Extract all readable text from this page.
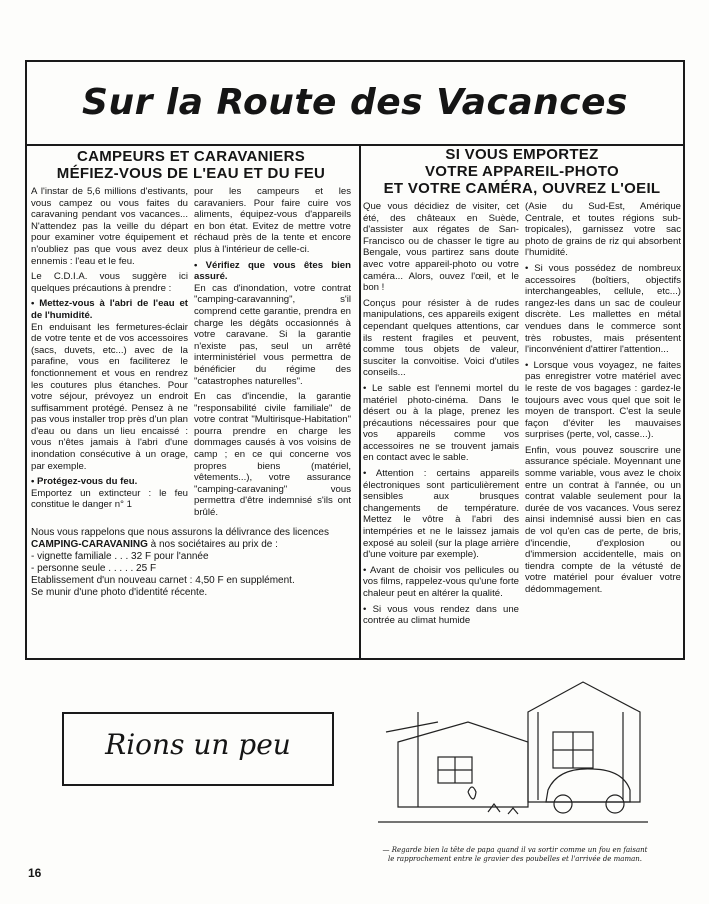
Sur la Route des Vacances
CAMPEURS ET CARAVANIERS
MÉFIEZ-VOUS DE L'EAU ET DU FEU

A l'instar de 5,6 millions d'estivants, vous campez ou vous faites du caravaning pendant vos vacances... N'attendez pas la veille du départ pour examiner votre équipement et n'oubliez pas que vous avez deux ennemis : l'eau et le feu.

Le C.D.I.A. vous suggère ici quelques précautions à prendre :

• Mettez-vous à l'abri de l'eau et de l'humidité.

En enduisant les fermetures-éclair de votre tente et de vos accessoires (sacs, duvets, etc...) avec de la parafine, vous en faciliterez le fonctionnement et vous en rendrez les coutures plus étanches. Pour votre séjour, prévoyez un endroit suffisamment protégé. Pensez à ne pas vous installer trop près d'un plan d'eau ou dans un lieu encaissé : vous n'êtes jamais à l'abri d'une inondation consécutive à un orage, par exemple.

• Protégez-vous du feu.

Emportez un extincteur : le feu constitue le danger n° 1

pour les campeurs et les caravaniers. Pour faire cuire vos aliments, équipez-vous d'appareils en bon état. Evitez de mettre votre réchaud près de la tente et encore plus à l'intérieur de celle-ci.

• Vérifiez que vous êtes bien assuré.

En cas d'inondation, votre contrat "camping-caravanning", s'il comprend cette garantie, prendra en charge les dégâts occasionnés à votre caravane. Si la garantie n'existe pas, seul un arrêté interministériel vous permettra de bénéficier du régime des "catastrophes naturelles".

En cas d'incendie, la garantie "responsabilité civile familiale" de votre contrat "Multirisque-Habitation" pourra prendre en charge les dommages causés à vos voisins de camp ; en ce qui concerne vos propres biens (matériel, vêtements...), votre assurance "camping-caravaning" vous permettra d'être indemnisé s'ils ont brûlé.

Nous vous rappelons que nous assurons la délivrance des licences CAMPING-CARAVANING à nos sociétaires au prix de :

- vignette familiale . . . 32 F pour l'année

- personne seule . . . . . 25 F

Etablissement d'un nouveau carnet : 4,50 F en supplément.

Se munir d'une photo d'identité récente.

SI VOUS EMPORTEZ
VOTRE APPAREIL-PHOTO
ET VOTRE CAMÉRA, OUVREZ L'OEIL

Que vous décidiez de visiter, cet été, des châteaux en Suède, d'assister aux régates de San-Francisco ou de chasser le tigre au Bengale, vous partirez sans doute avec votre appareil-photo ou votre caméra... Alors, ouvez l'œil, et le bon !

Conçus pour résister à de rudes manipulations, ces appareils exigent cependant quelques attentions, car ils restent fragiles et peuvent, comme tous objets de valeur, susciter la convoitise. Voici d'utiles conseils...

• Le sable est l'ennemi mortel du matériel photo-cinéma. Dans le désert ou à la plage, prenez les précautions nécessaires pour que vos appareils comme vos accessoires ne se trouvent jamais en contact avec le sable.

• Attention : certains appareils électroniques sont particulièrement sensibles aux brusques changements de température. Mettez le vôtre à l'abri des intempéries et ne le laissez jamais exposé au soleil (sur la plage arrière d'une voiture par exemple).

• Avant de choisir vos pellicules ou vos films, rappelez-vous qu'une forte chaleur peut en altérer la qualité.

• Si vous vous rendez dans une contrée au climat humide

(Asie du Sud-Est, Amérique Centrale, et toutes régions sub-tropicales), garnissez votre sac photo de grains de riz qui absorbent l'humidité.

• Si vous possédez de nombreux accessoires (boîtiers, objectifs interchangeables, cellule, etc...) rangez-les dans un sac de couleur discrète. Les mallettes en métal vendues dans le commerce sont très robustes, mais présentent l'inconvénient d'attirer l'attention...

• Lorsque vous voyagez, ne faites pas enregistrer votre matériel avec le reste de vos bagages : gardez-le toujours avec vous quel que soit le moyen de transport. C'est la seule façon d'éviter les mauvaises surprises (perte, vol, casse...).

Enfin, vous pouvez souscrire une assurance spéciale. Moyennant une somme variable, vous avez le choix entre un contrat à l'année, ou un contrat valable seulement pour la durée de vos vacances. Vous serez ainsi indemnisé aussi bien en cas de vol qu'en cas de perte, de bris, d'incendie, d'explosion ou d'immersion accidentelle, mais on tiendra compte de la vétusté de votre matériel pour évaluer votre dédommagement.

Rions un peu
— Regarde bien la tête de papa quand il va sortir comme un fou en faisant le rapprochement entre le gravier des poubelles et l'arrivée de maman.
16
